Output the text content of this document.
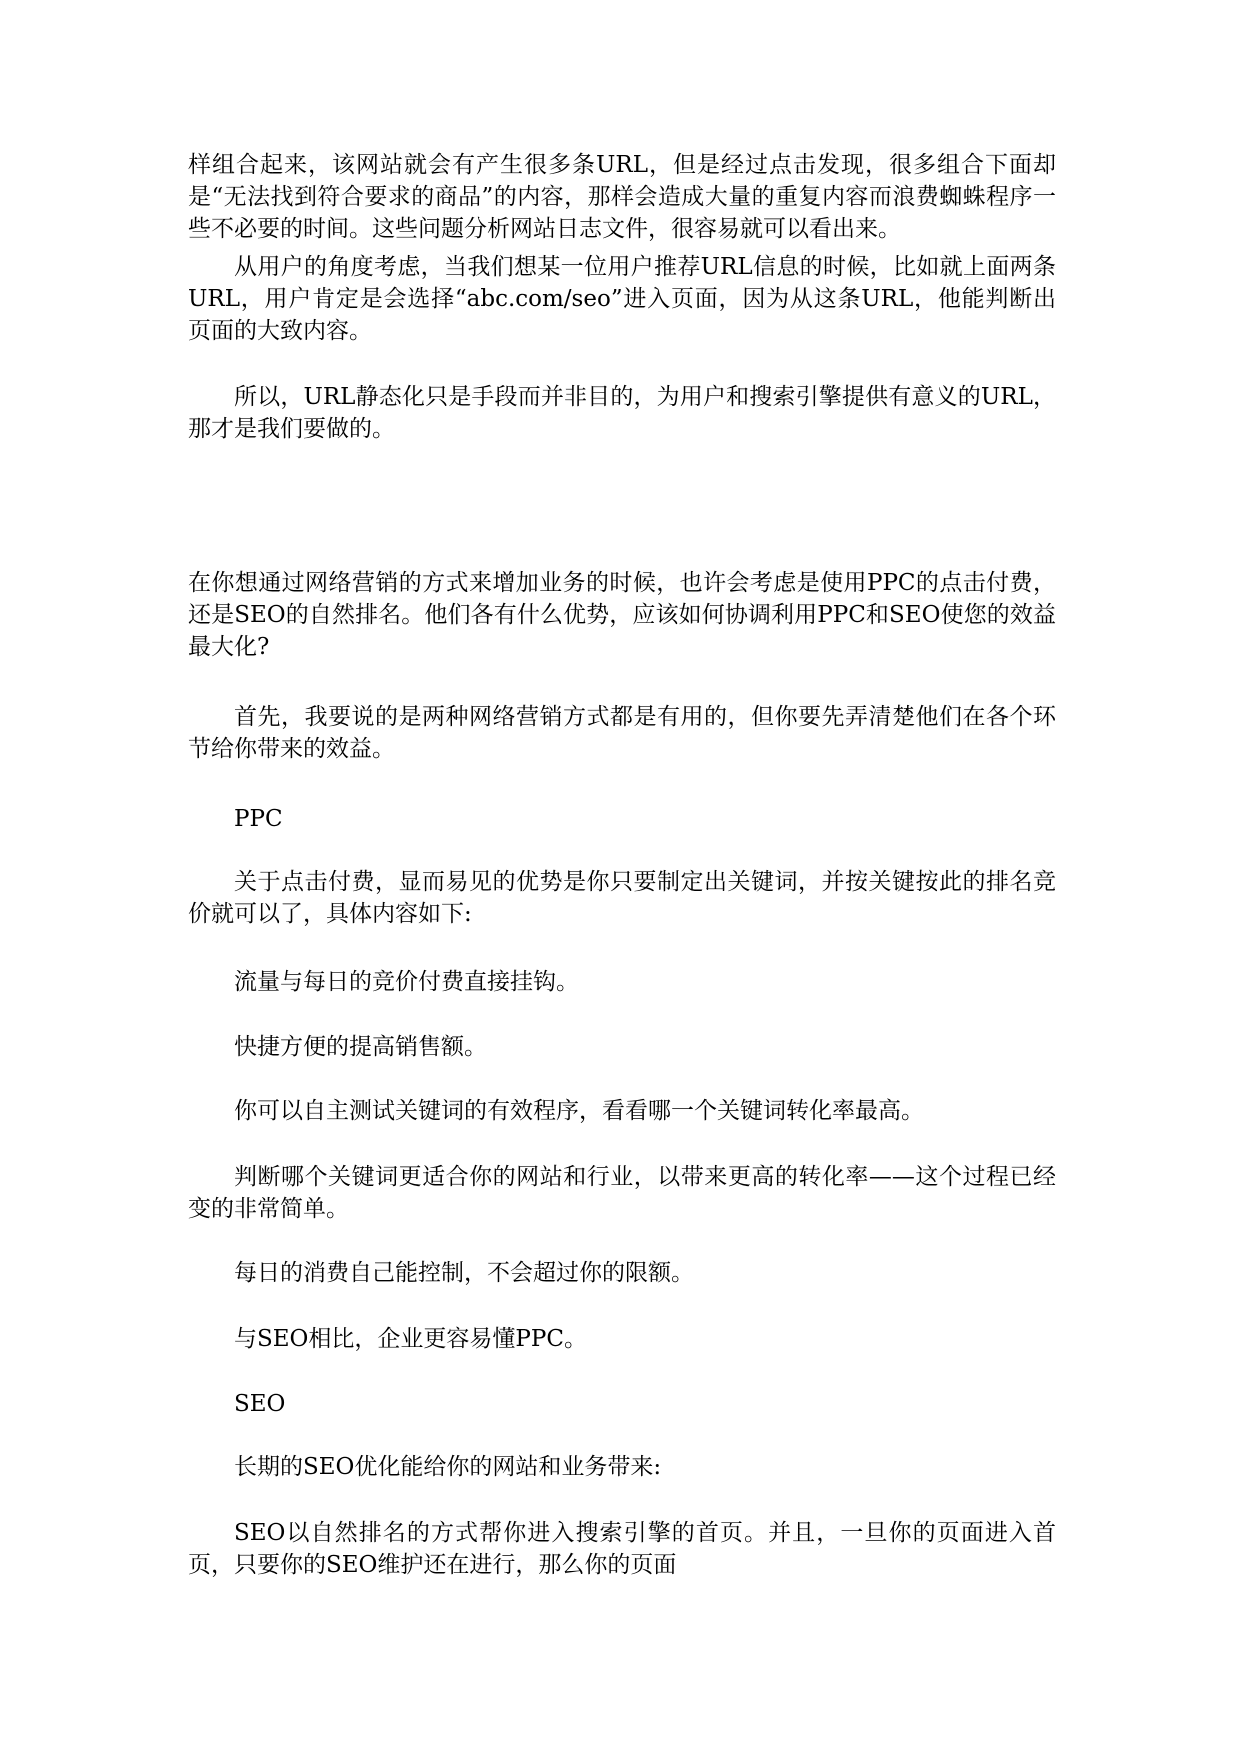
样组合起来，该网站就会有产生很多条URL，但是经过点击发现，很多组合下面却是“无法找到符合要求的商品”的内容，那样会造成大量的重复内容而浪费蜘蛛程序一些不必要的时间。这些问题分析网站日志文件，很容易就可以看出来。

从用户的角度考虑，当我们想某一位用户推荐URL信息的时候，比如就上面两条URL，用户肯定是会选择“abc.com/seo”进入页面，因为从这条URL，他能判断出页面的大致内容。

所以，URL静态化只是手段而并非目的，为用户和搜索引擎提供有意义的URL，那才是我们要做的。

在你想通过网络营销的方式来增加业务的时候，也许会考虑是使用PPC的点击付费，还是SEO的自然排名。他们各有什么优势，应该如何协调利用PPC和SEO使您的效益最大化?

首先，我要说的是两种网络营销方式都是有用的，但你要先弄清楚他们在各个环节给你带来的效益。

PPC

关于点击付费，显而易见的优势是你只要制定出关键词，并按关键按此的排名竞价就可以了，具体内容如下:

流量与每日的竞价付费直接挂钩。

快捷方便的提高销售额。

你可以自主测试关键词的有效程序，看看哪一个关键词转化率最高。

判断哪个关键词更适合你的网站和行业，以带来更高的转化率——这个过程已经变的非常简单。

每日的消费自己能控制，不会超过你的限额。

与SEO相比，企业更容易懂PPC。

SEO

长期的SEO优化能给你的网站和业务带来:

SEO以自然排名的方式帮你进入搜索引擎的首页。并且，一旦你的页面进入首页，只要你的SEO维护还在进行，那么你的页面
